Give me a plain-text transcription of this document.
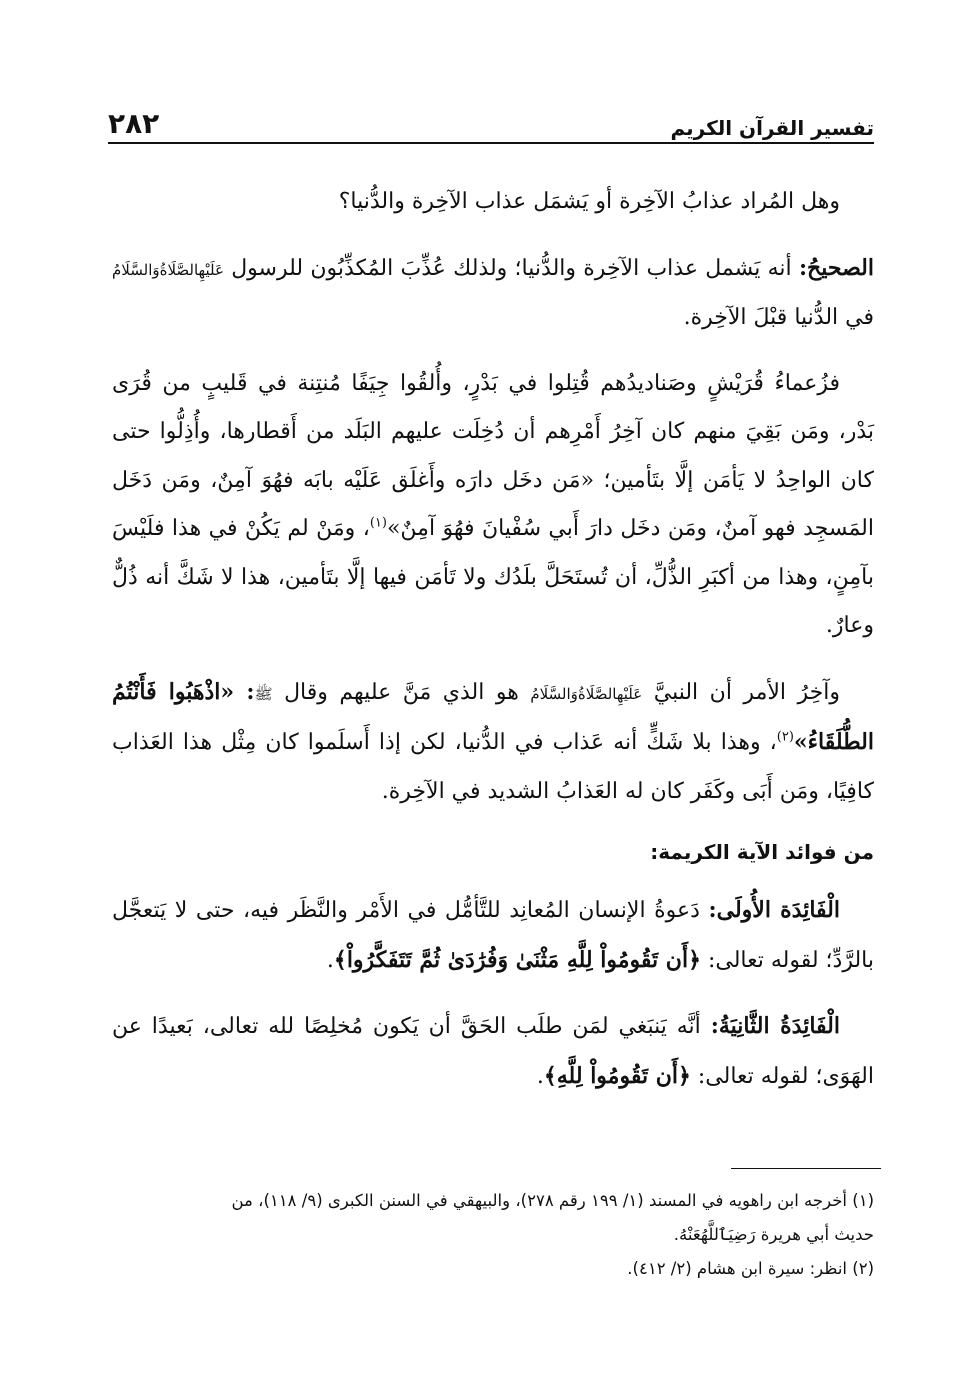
تفسير القرآن الكريم
٢٨٢

وهل المُراد عذابُ الآخِرة أو يَشمَل عذاب الآخِرة والدُّنيا؟

الصحيحُ: أنه يَشمل عذاب الآخِرة والدُّنيا؛ ولذلك عُذِّبَ المُكذِّبُون للرسول عَلَيْهِالصَّلَاةُوَالسَّلَامُ في الدُّنيا قبْلَ الآخِرة.

فزُعماءُ قُرَيْشٍ وصَناديدُهم قُتِلوا في بَدْرٍ، وأُلقُوا جِيَفًا مُنتِنة في قَليبٍ من قُرَى بَدْر، ومَن بَقِيَ منهم كان آخِرُ أَمْرِهم أن دُخِلَت عليهم البَلَد من أَقطارها، وأُذِلُّوا حتى كان الواحِدُ لا يَأمَن إلَّا بتَأمين؛ «مَن دخَل دارَه وأَغلَق عَلَيْه بابَه فهُوَ آمِنٌ، ومَن دَخَل المَسجِد فهو آمنٌ، ومَن دخَل دارَ أَبي سُفْيانَ فهُوَ آمِنٌ»$^{(١)}$، ومَنْ لم يَكُنْ في هذا فلَيْسَ بآمِنٍ، وهذا من أكبَرِ الذُّلِّ، أن تُستَحَلَّ بلَدُك ولا تَأمَن فيها إلَّا بتَأمين، هذا لا شَكَّ أنه ذُلٌّ وعارٌ.

وآخِرُ الأمر أن النبيَّ عَلَيْهِالصَّلَاةُوَالسَّلَامُ هو الذي مَنَّ عليهم وقال ﷺ: «اذْهَبُوا فَأَنْتُمُ الطُّلَقَاءُ»$^{(٢)}$، وهذا بلا شَكٍّ أنه عَذاب في الدُّنيا، لكن إذا أَسلَموا كان مِثْل هذا العَذاب كافِيًا، ومَن أَبَى وكَفَر كان له العَذابُ الشديد في الآخِرة.

من فوائد الآية الكريمة:

الْفَائِدَة الأُولَى: دَعوةُ الإنسان المُعانِد للتَّأمُّل في الأَمْر والنَّظَر فيه، حتى لا يَتعجَّل بالرَّدِّ؛ لقوله تعالى: ﴿أَن تَقُومُواْ لِلَّهِ مَثْنَىٰ وَفُرَٰدَىٰ ثُمَّ تَتَفَكَّرُواْ﴾.

الْفَائِدَةُ الثَّانِيَةُ: أنَّه يَنبَغي لمَن طلَب الحَقَّ أن يَكون مُخلِصًا لله تعالى، بَعيدًا عن الهَوَى؛ لقوله تعالى: ﴿أَن تَقُومُواْ لِلَّهِ﴾.

(١) أخرجه ابن راهويه في المسند (١/ ١٩٩ رقم ٢٧٨)، والبيهقي في السنن الكبرى (٩/ ١١٨)، من

حديث أبي هريرة رَضِيَٱللَّهُعَنْهُ.

(٢) انظر: سيرة ابن هشام (٢/ ٤١٢).
